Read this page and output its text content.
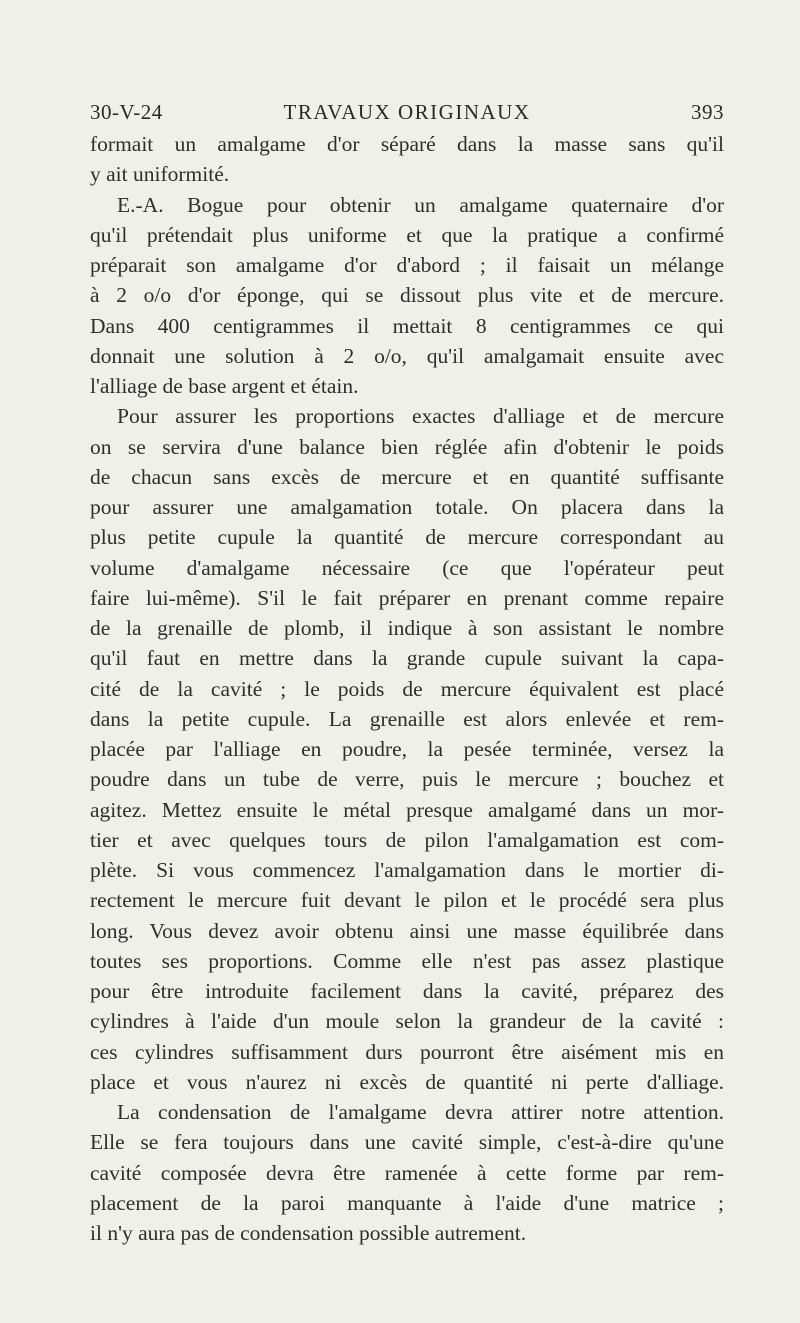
30-V-24	TRAVAUX ORIGINAUX	393
formait un amalgame d'or séparé dans la masse sans qu'il
y ait uniformité.
E.-A. Bogue pour obtenir un amalgame quaternaire d'or
qu'il prétendait plus uniforme et que la pratique a confirmé
préparait son amalgame d'or d'abord ; il faisait un mélange
à 2 o/o d'or éponge, qui se dissout plus vite et de mercure.
Dans 400 centigrammes il mettait 8 centigrammes ce qui
donnait une solution à 2 o/o, qu'il amalgamait ensuite avec
l'alliage de base argent et étain.
Pour assurer les proportions exactes d'alliage et de mercure
on se servira d'une balance bien réglée afin d'obtenir le poids
de chacun sans excès de mercure et en quantité suffisante
pour assurer une amalgamation totale. On placera dans la
plus petite cupule la quantité de mercure correspondant au
volume d'amalgame nécessaire (ce que l'opérateur peut
faire lui-même). S'il le fait préparer en prenant comme repaire
de la grenaille de plomb, il indique à son assistant le nombre
qu'il faut en mettre dans la grande cupule suivant la capa-
cité de la cavité ; le poids de mercure équivalent est placé
dans la petite cupule. La grenaille est alors enlevée et rem-
placée par l'alliage en poudre, la pesée terminée, versez la
poudre dans un tube de verre, puis le mercure ; bouchez et
agitez. Mettez ensuite le métal presque amalgamé dans un mor-
tier et avec quelques tours de pilon l'amalgamation est com-
plète. Si vous commencez l'amalgamation dans le mortier di-
rectement le mercure fuit devant le pilon et le procédé sera plus
long. Vous devez avoir obtenu ainsi une masse équilibrée dans
toutes ses proportions. Comme elle n'est pas assez plastique
pour être introduite facilement dans la cavité, préparez des
cylindres à l'aide d'un moule selon la grandeur de la cavité :
ces cylindres suffisamment durs pourront être aisément mis en
place et vous n'aurez ni excès de quantité ni perte d'alliage.
La condensation de l'amalgame devra attirer notre attention.
Elle se fera toujours dans une cavité simple, c'est-à-dire qu'une
cavité composée devra être ramenée à cette forme par rem-
placement de la paroi manquante à l'aide d'une matrice ;
il n'y aura pas de condensation possible autrement.
